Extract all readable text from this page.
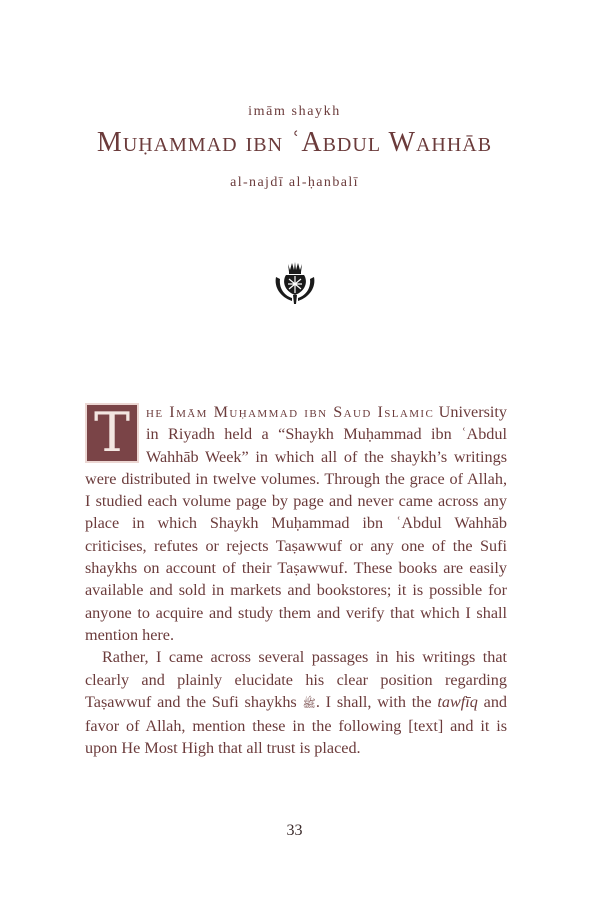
imām shaykh
Muḥammad ibn ʿAbdul Wahhāb
al-najdī al-ḥanbalī

T he Imām Muḥammad ibn Saud Islamic University in Riyadh held a “Shaykh Muḥammad ibn ʿAbdul Wahhāb Week” in which all of the shaykh’s writings were distributed in twelve volumes. Through the grace of Allah, I studied each volume page by page and never came across any place in which Shaykh Muḥammad ibn ʿAbdul Wahhāb criticises, refutes or rejects Taṣawwuf or any one of the Sufi shaykhs on account of their Taṣawwuf. These books are easily available and sold in markets and bookstores; it is possible for anyone to acquire and study them and verify that which I shall mention here.

Rather, I came across several passages in his writings that clearly and plainly elucidate his clear position regarding Taṣawwuf and the Sufi shaykhs ﷺ. I shall, with the tawfīq and favor of Allah, mention these in the following [text] and it is upon He Most High that all trust is placed.

33
